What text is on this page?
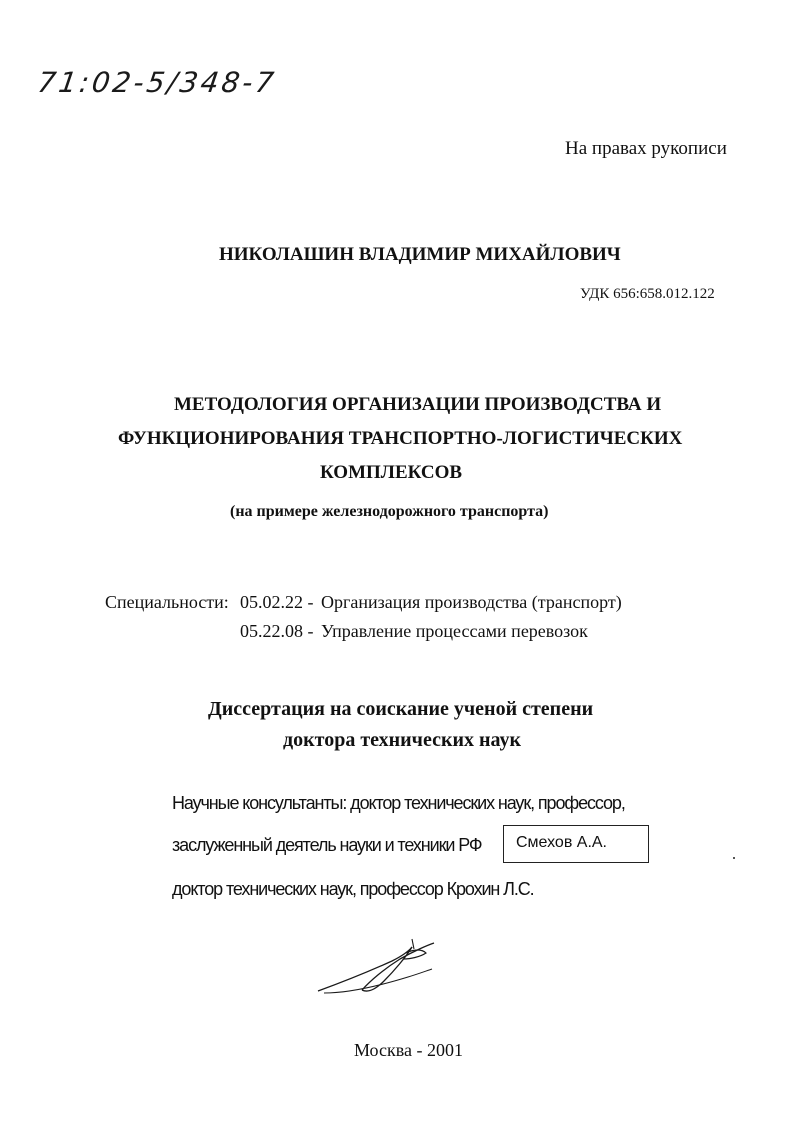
71:02-5/348-7
На правах рукописи
НИКОЛАШИН ВЛАДИМИР МИХАЙЛОВИЧ
УДК 656:658.012.122
МЕТОДОЛОГИЯ ОРГАНИЗАЦИИ ПРОИЗВОДСТВА И
ФУНКЦИОНИРОВАНИЯ ТРАНСПОРТНО-ЛОГИСТИЧЕСКИХ
КОМПЛЕКСОВ
(на примере железнодорожного транспорта)
Специальности: 05.02.22 - Организация производства (транспорт)
05.22.08 - Управление процессами перевозок
Диссертация на соискание ученой степени
доктора технических наук
Научные консультанты: доктор технических наук, профессор,
заслуженный деятель науки и техники РФ	Смехов А.А.
доктор технических наук, профессор Крохин Л.С.
Москва - 2001
